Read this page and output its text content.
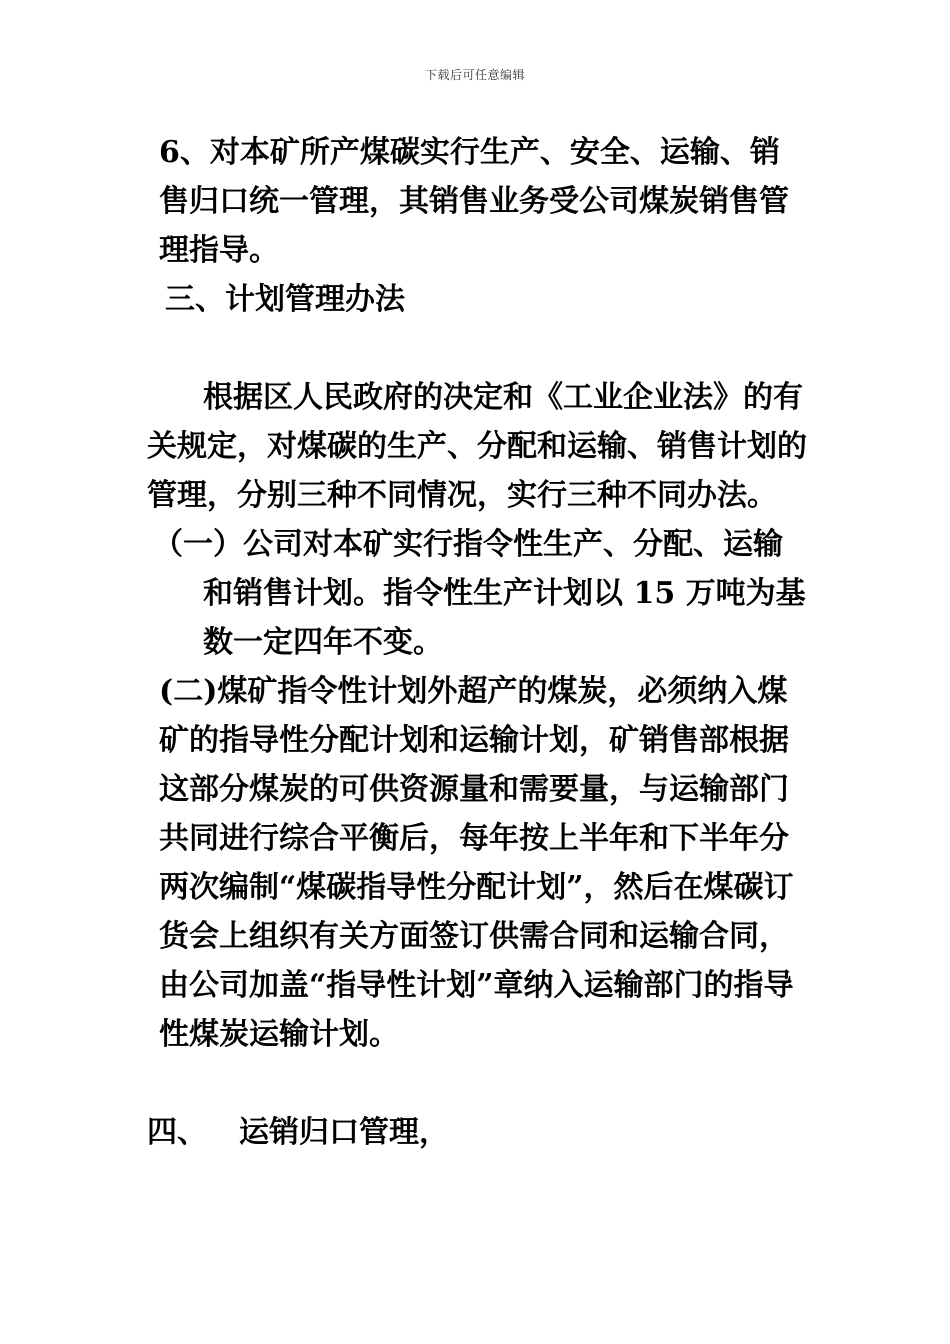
下载后可任意编辑

6、对本矿所产煤碳实行生产、安全、运输、销售归口统一管理，其销售业务受公司煤炭销售管理指导。

三、计划管理办法

根据区人民政府的决定和《工业企业法》的有关规定，对煤碳的生产、分配和运输、销售计划的管理，分别三种不同情况，实行三种不同办法。

（一）公司对本矿实行指令性生产、分配、运输和销售计划。指令性生产计划以 15 万吨为基数一定四年不变。

(二)煤矿指令性计划外超产的煤炭，必须纳入煤矿的指导性分配计划和运输计划，矿销售部根据这部分煤炭的可供资源量和需要量，与运输部门共同进行综合平衡后，每年按上半年和下半年分两次编制“煤碳指导性分配计划”，然后在煤碳订货会上组织有关方面签订供需合同和运输合同，由公司加盖“指导性计划”章纳入运输部门的指导性煤炭运输计划。

四、 运销归口管理，
